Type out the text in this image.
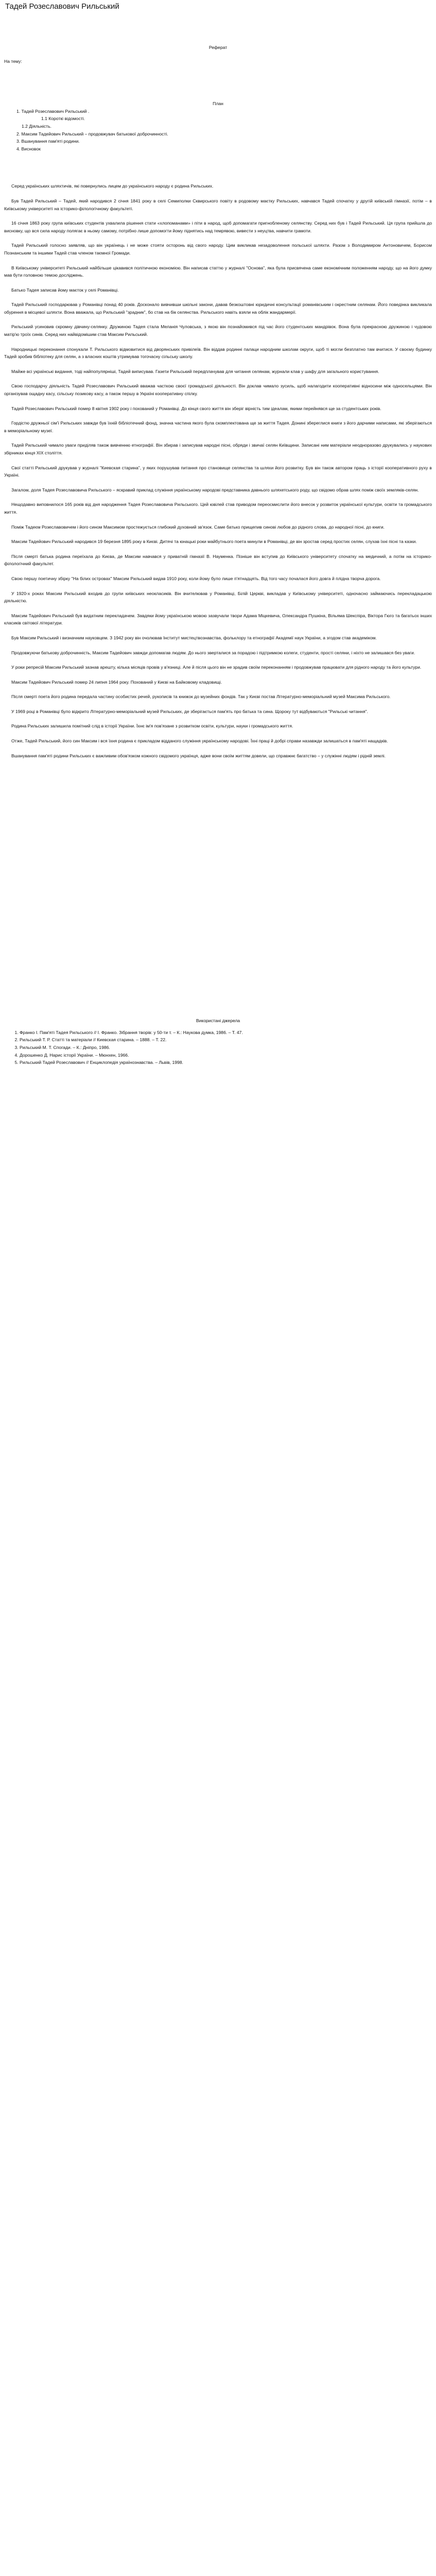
Тадей Розеславович Рильський
Реферат
На тему:
План
1. Тадей Розеславович Рильський .
1.1 Короткі відомості.
1.2 Діяльність.
2. Максим Тадейович Рильський – продовжувач батькової доброчинності.
3. Вшанування пам'яті родини.
4. Висновок

Серед українських шляхтичів, які повернулись лицем до українського народу є родина Рильських.

Був Тадей Рильський – Тадей, який народився 2 січня 1841 року в селі Семиполки Сквирського повіту в родовому маєтку Рильських, навчався Тадей спочатку у другій київській гімназії, потім – в Київському університеті на історико-філологічному факультеті.

16 січня 1863 року група київських студентів ухвалила рішення стати «хлопоманами» і піти в народ, щоб допомагати пригнобленому селянству. Серед них був і Тадей Рильський. Ця група прийшла до висновку, що вся сила народу полягає в ньому самому, потрібно лише допомогти йому піднятись над темрявою, вивести з неуцтва, навчити грамоти.

Тадей Рильський голосно заявляв, що він українець і не може стояти осторонь від свого народу. Цим викликав незадоволення польської шляхти. Разом з Володимиром Антоновичем, Борисом Познанським та іншими Тадей став членом таємної Громади.

В Київському університеті Рильський найбільше цікавився політичною економією. Він написав статтю у журналі "Основа", яка була присвячена саме економічним положенням народу, що на його думку мав бути головною темою досліджень.

Батько Тадея записав йому маєток у селі Романівці.

Тадей Рильський господарював у Романівці понад 40 років. Досконало вивчивши шкільні закони, давав безкоштовні юридичні консультації романівським і окрестним селянам. Його поведінка викликала обурення в місцевої шляхти. Вона вважала, що Рильський "зрадник", бо став на бік селянства. Рильського навіть взяли на облік жандармерії.

Рильський усиновив скромну дівчину-селянку. Дружиною Тадея стала Меланія Чуловська, з якою він познайомився під час його студентських мандрівок. Вона була прекрасною дружиною і чудовою матір'ю троїх синів. Серед них найвідомішим став Максим Рильський.

Народницькі переконання спонукали Т. Рильського відмовитися від дворянських привілеїв. Він віддав родинні палаци народним школам округи, щоб ті могли безплатно там вчитися. У своєму будинку Тадей зробив бібліотеку для селян, а з власних коштів утримував тогочасну сільську школу.

Майже всі українські видання, тоді найпопулярніші, Тадей виписував. Газети Рильський передплачував для читання селянам, журнали клав у шафу для загального користування.

Свою господарчу діяльність Тадей Розеславович Рильський вважав часткою своєї громадської діяльності. Він доклав чимало зусиль, щоб налагодити кооперативні відносини між односельцями. Він організував ощадну касу, сільську позикову касу, а також першу в Україні кооперативну спілку.

Тадей Розеславович Рильський помер 8 квітня 1902 року і похований у Романівці. До кінця свого життя він зберіг вірність тим ідеалам, якими перейнявся ще за студентських років.

Гордістю дружньої сім'ї Рильських завжди був їхній бібліотечний фонд, значна частина якого була скомплектована ще за життя Тадея. Донині збереглися книги з його дарчими написами, які зберігаються в меморіальному музеї.

Тадей Рильський чимало уваги приділяв також вивченню етнографії. Він збирав і записував народні пісні, обряди і звичаї селян Київщини. Записані ним матеріали неодноразово друкувались у наукових збірниках кінця XIX століття.

Свої статті Рильський друкував у журналі "Киевская старина", у яких порушував питання про становище селянства та шляхи його розвитку. Був він також автором праць з історії кооперативного руху в Україні.

Загалом, доля Тадея Розеславовича Рильського – яскравий приклад служіння українському народові представника давнього шляхетського роду, що свідомо обрав шлях поміж своїх земляків-селян.

Нещодавно виповнилося 165 років від дня народження Тадея Розеславовича Рильського. Цей ювілей став приводом переосмислити його внесок у розвиток української культури, освіти та громадського життя.

Поміж Тадеєм Розеславовичем і його сином Максимом простежується глибокий духовний зв'язок. Саме батько прищепив синові любов до рідного слова, до народної пісні, до книги.

Максим Тадейович Рильський народився 19 березня 1895 року в Києві. Дитячі та юнацькі роки майбутнього поета минули в Романівці, де він зростав серед простих селян, слухав їхні пісні та казки.

Після смерті батька родина переїхала до Києва, де Максим навчався у приватній гімназії В. Науменка. Пізніше він вступив до Київського університету спочатку на медичний, а потім на історико-філологічний факультет.

Свою першу поетичну збірку "На білих островах" Максим Рильський видав 1910 року, коли йому було лише п'ятнадцять. Від того часу почалася його довга й плідна творча дорога.

У 1920-х роках Максим Рильський входив до групи київських неокласиків. Він вчителював у Романівці, Білій Церкві, викладав у Київському університеті, одночасно займаючись перекладацькою діяльністю.

Максим Тадейович Рильський був видатним перекладачем. Завдяки йому українською мовою зазвучали твори Адама Міцкевича, Олександра Пушкіна, Вільяма Шекспіра, Віктора Гюго та багатьох інших класиків світової літератури.

Був Максим Рильський і визначним науковцем. З 1942 року він очолював Інститут мистецтвознавства, фольклору та етнографії Академії наук України, а згодом став академіком.

Продовжуючи батькову доброчинність, Максим Тадейович завжди допомагав людям. До нього зверталися за порадою і підтримкою колеги, студенти, прості селяни, і ніхто не залишався без уваги.

У роки репресій Максим Рильський зазнав арешту, кілька місяців провів у в'язниці. Але й після цього він не зрадив своїм переконанням і продовжував працювати для рідного народу та його культури.

Максим Тадейович Рильський помер 24 липня 1964 року. Похований у Києві на Байковому кладовищі.

Після смерті поета його родина передала частину особистих речей, рукописів та книжок до музейних фондів. Так у Києві постав Літературно-меморіальний музей Максима Рильського.

У 1969 році в Романівці було відкрито Літературно-меморіальний музей Рильських, де зберігається пам'ять про батька та сина. Щороку тут відбуваються "Рильські читання".

Родина Рильських залишила помітний слід в історії України. Їхнє ім'я пов'язане з розвитком освіти, культури, науки і громадського життя.

Отже, Тадей Рильський, його син Максим і вся їхня родина є прикладом відданого служіння українському народові. Їхні праці й добрі справи назавжди залишаться в пам'яті нащадків.

Вшанування пам'яті родини Рильських є важливим обов'язком кожного свідомого українця, адже вони своїм життям довели, що справжнє багатство – у служінні людям і рідній землі.

Використані джерела
1. Франко І. Пам'яті Тадея Рильського // І. Франко. Зібрання творів: у 50-ти т. – К.: Наукова думка, 1986. – Т. 47.
2. Рильський Т. Р. Статті та матеріали // Киевская старина. – 1888. – Т. 22.
3. Рильський М. Т. Спогади. – К.: Дніпро, 1986.
4. Дорошенко Д. Нарис історії України. – Мюнхен, 1966.
5. Рильський Тадей Розеславович // Енциклопедія українознавства. – Львів, 1998.
